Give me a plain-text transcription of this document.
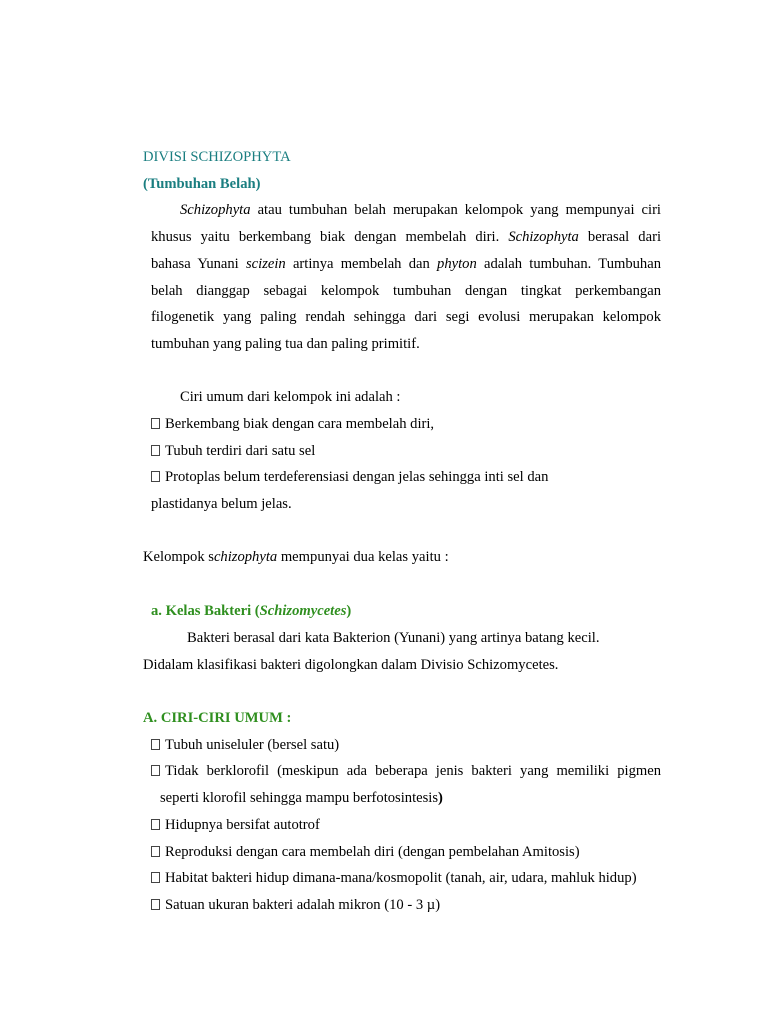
DIVISI SCHIZOPHYTA
(Tumbuhan Belah)
Schizophyta atau tumbuhan belah merupakan kelompok yang mempunyai ciri
khusus yaitu berkembang biak dengan membelah diri. Schizophyta berasal dari
bahasa Yunani scizein artinya membelah dan phyton adalah tumbuhan. Tumbuhan
belah dianggap sebagai kelompok tumbuhan dengan tingkat perkembangan
filogenetik yang paling rendah sehingga dari segi evolusi merupakan kelompok
tumbuhan yang paling tua dan paling primitif.
Ciri umum dari kelompok ini adalah :
Berkembang biak dengan cara membelah diri,
Tubuh terdiri dari satu sel
Protoplas belum terdeferensiasi dengan jelas sehingga inti sel dan
plastidanya belum jelas.
Kelompok schizophyta mempunyai dua kelas yaitu :
a. Kelas Bakteri (Schizomycetes)
Bakteri berasal dari kata Bakterion (Yunani) yang artinya batang kecil.
Didalam klasifikasi bakteri digolongkan dalam Divisio Schizomycetes.
A. CIRI-CIRI UMUM :
Tubuh uniseluler (bersel satu)
Tidak berklorofil (meskipun ada beberapa jenis bakteri yang memiliki pigmen
seperti klorofil sehingga mampu berfotosintesis)
Hidupnya bersifat autotrof
Reproduksi dengan cara membelah diri (dengan pembelahan Amitosis)
Habitat bakteri hidup dimana-mana/kosmopolit (tanah, air, udara, mahluk hidup)
Satuan ukuran bakteri adalah mikron (10 - 3 µ)
